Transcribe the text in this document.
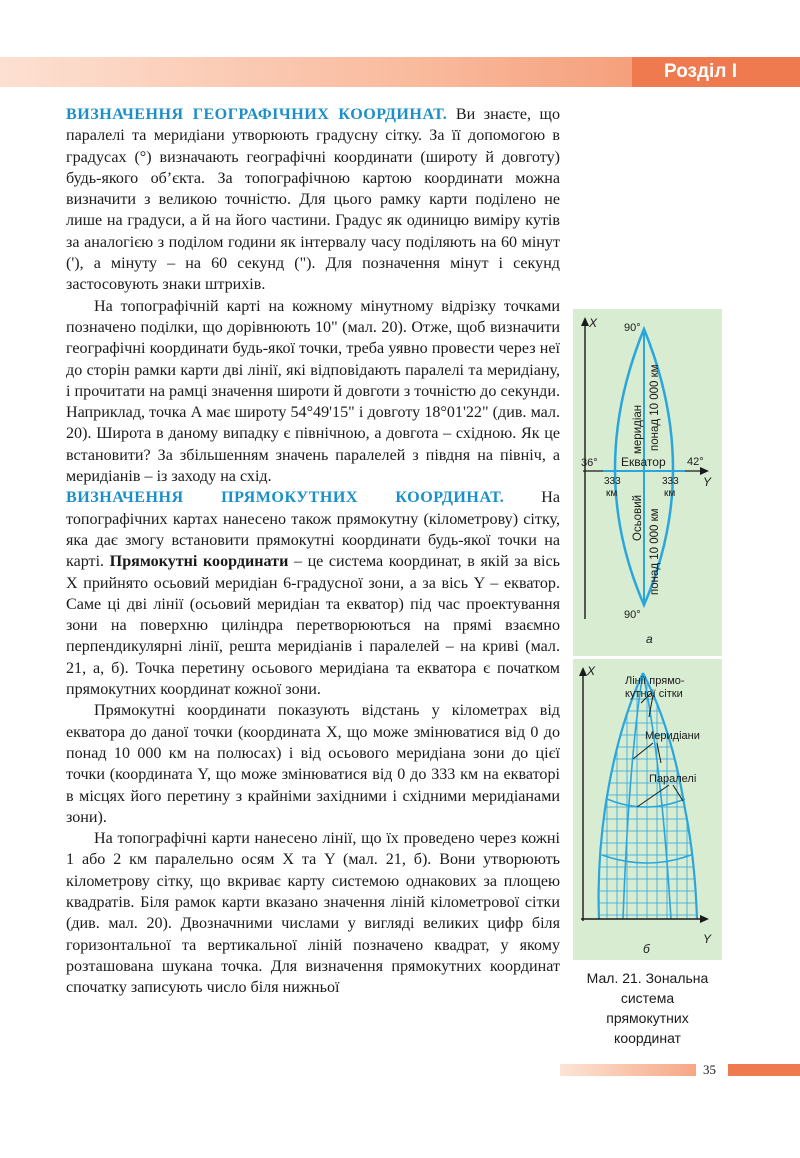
Розділ І

ВИЗНАЧЕННЯ ГЕОГРАФІЧНИХ КООРДИНАТ. Ви знаєте, що паралелі та меридіани утворюють градусну сітку. За її допомогою в градусах (°) визначають географічні координати (широту й довготу) будь-якого об’єкта. За топографічною картою координати можна визначити з великою точністю. Для цього рамку карти поділено не лише на градуси, а й на його частини. Градус як одиницю виміру кутів за аналогією з поділом години як інтервалу часу поділяють на 60 мінут ('), а мінуту – на 60 секунд ("). Для позначення мінут і секунд застосовують знаки штрихів.

На топографічній карті на кожному мінутному відрізку точками позначено поділки, що дорівнюють 10" (мал. 20). Отже, щоб визначити географічні координати будь-якої точки, треба уявно провести через неї до сторін рамки карти дві лінії, які відповідають паралелі та меридіану, і прочитати на рамці значення широти й довготи з точністю до секунди. Наприклад, точка А має широту 54°49'15" і довготу 18°01'22" (див. мал. 20). Широта в даному випадку є північною, а довгота – східною. Як це встановити? За збільшенням значень паралелей з півдня на північ, а меридіанів – із заходу на схід.

ВИЗНАЧЕННЯ ПРЯМОКУТНИХ КООРДИНАТ. На топографічних картах нанесено також прямокутну (кілометрову) сітку, яка дає змогу встановити прямокутні координати будь-якої точки на карті. Прямокутні координати – це система координат, в якій за вісь X прийнято осьовий меридіан 6-градусної зони, а за вісь Y – екватор. Саме ці дві лінії (осьовий меридіан та екватор) під час проектування зони на поверхню циліндра перетворюються на прямі взаємно перпендикулярні лінії, решта меридіанів і паралелей – на криві (мал. 21, а, б). Точка перетину осьового меридіана та екватора є початком прямокутних координат кожної зони.

Прямокутні координати показують відстань у кілометрах від екватора до даної точки (координата X, що може змінюватися від 0 до понад 10 000 км на полюсах) і від осьового меридіана зони до цієї точки (координата Y, що може змінюватися від 0 до 333 км на екваторі в місцях його перетину з крайніми західними і східними меридіанами зони).

На топографічні карти нанесено лінії, що їх проведено через кожні 1 або 2 км паралельно осям X та Y (мал. 21, б). Вони утворюють кілометрову сітку, що вкриває карту системою однакових за площею квадратів. Біля рамок карти вказано значення ліній кілометрової сітки (див. мал. 20). Двозначними числами у вигляді великих цифр біля горизонтальної та вертикальної ліній позначено квадрат, у якому розташована шукана точка. Для визначення прямокутних координат спочатку записують число біля нижньої

X
Y
90°
90°
36°	42°
Екватор
333
км
333
км
меридіан понад 10 000 км
Осьовий понад 10 000 км
а
X
Y
Лінії прямо-
кутної сітки
Меридіани
Паралелі
б
Мал. 21. Зональна
система
прямокутних
координат
35
